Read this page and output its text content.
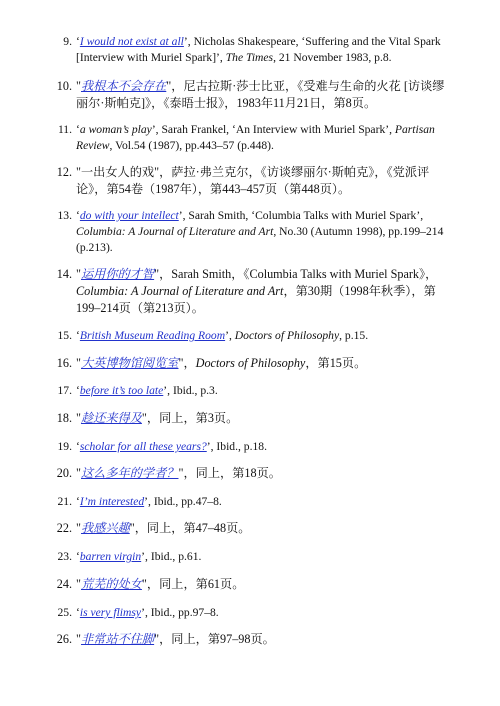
9. ‘I would not exist at all’, Nicholas Shakespeare, ‘Suffering and the Vital Spark [Interview with Muriel Spark]’, The Times, 21 November 1983, p.8.
10. "我根本不会存在"，尼古拉斯·莎士比亚，《受难与生命的火花 [访谈缪丽尔·斯帕克]》，《泰晤士报》，1983年11月21日，第8页。
11. ‘a woman’s play’, Sarah Frankel, ‘An Interview with Muriel Spark’, Partisan Review, Vol.54 (1987), pp.443–57 (p.448).
12. "一出女人的戏"，萨拉·弗兰克尔，《访谈缪丽尔·斯帕克》，《党派评论》，第54卷（1987年），第443–457页（第448页）。
13. ‘do with your intellect’, Sarah Smith, ‘Columbia Talks with Muriel Spark’, Columbia: A Journal of Literature and Art, No.30 (Autumn 1998), pp.199–214 (p.213).
14. "运用你的才智"，Sarah Smith，《Columbia Talks with Muriel Spark》，Columbia: A Journal of Literature and Art，第30期（1998年秋季），第199–214页（第213页）。
15. ‘British Museum Reading Room’, Doctors of Philosophy, p.15.
16. "大英博物馆阅览室"，Doctors of Philosophy，第15页。
17. ‘before it’s too late’, Ibid., p.3.
18. "趁还来得及"，同上，第3页。
19. ‘scholar for all these years?’, Ibid., p.18.
20. "这么多年的学者？"，同上，第18页。
21. ‘I’m interested’, Ibid., pp.47–8.
22. "我感兴趣"，同上，第47–48页。
23. ‘barren virgin’, Ibid., p.61.
24. "荒芜的处女"，同上，第61页。
25. ‘is very flimsy’, Ibid., pp.97–8.
26. "非常站不住脚"，同上，第97–98页。
